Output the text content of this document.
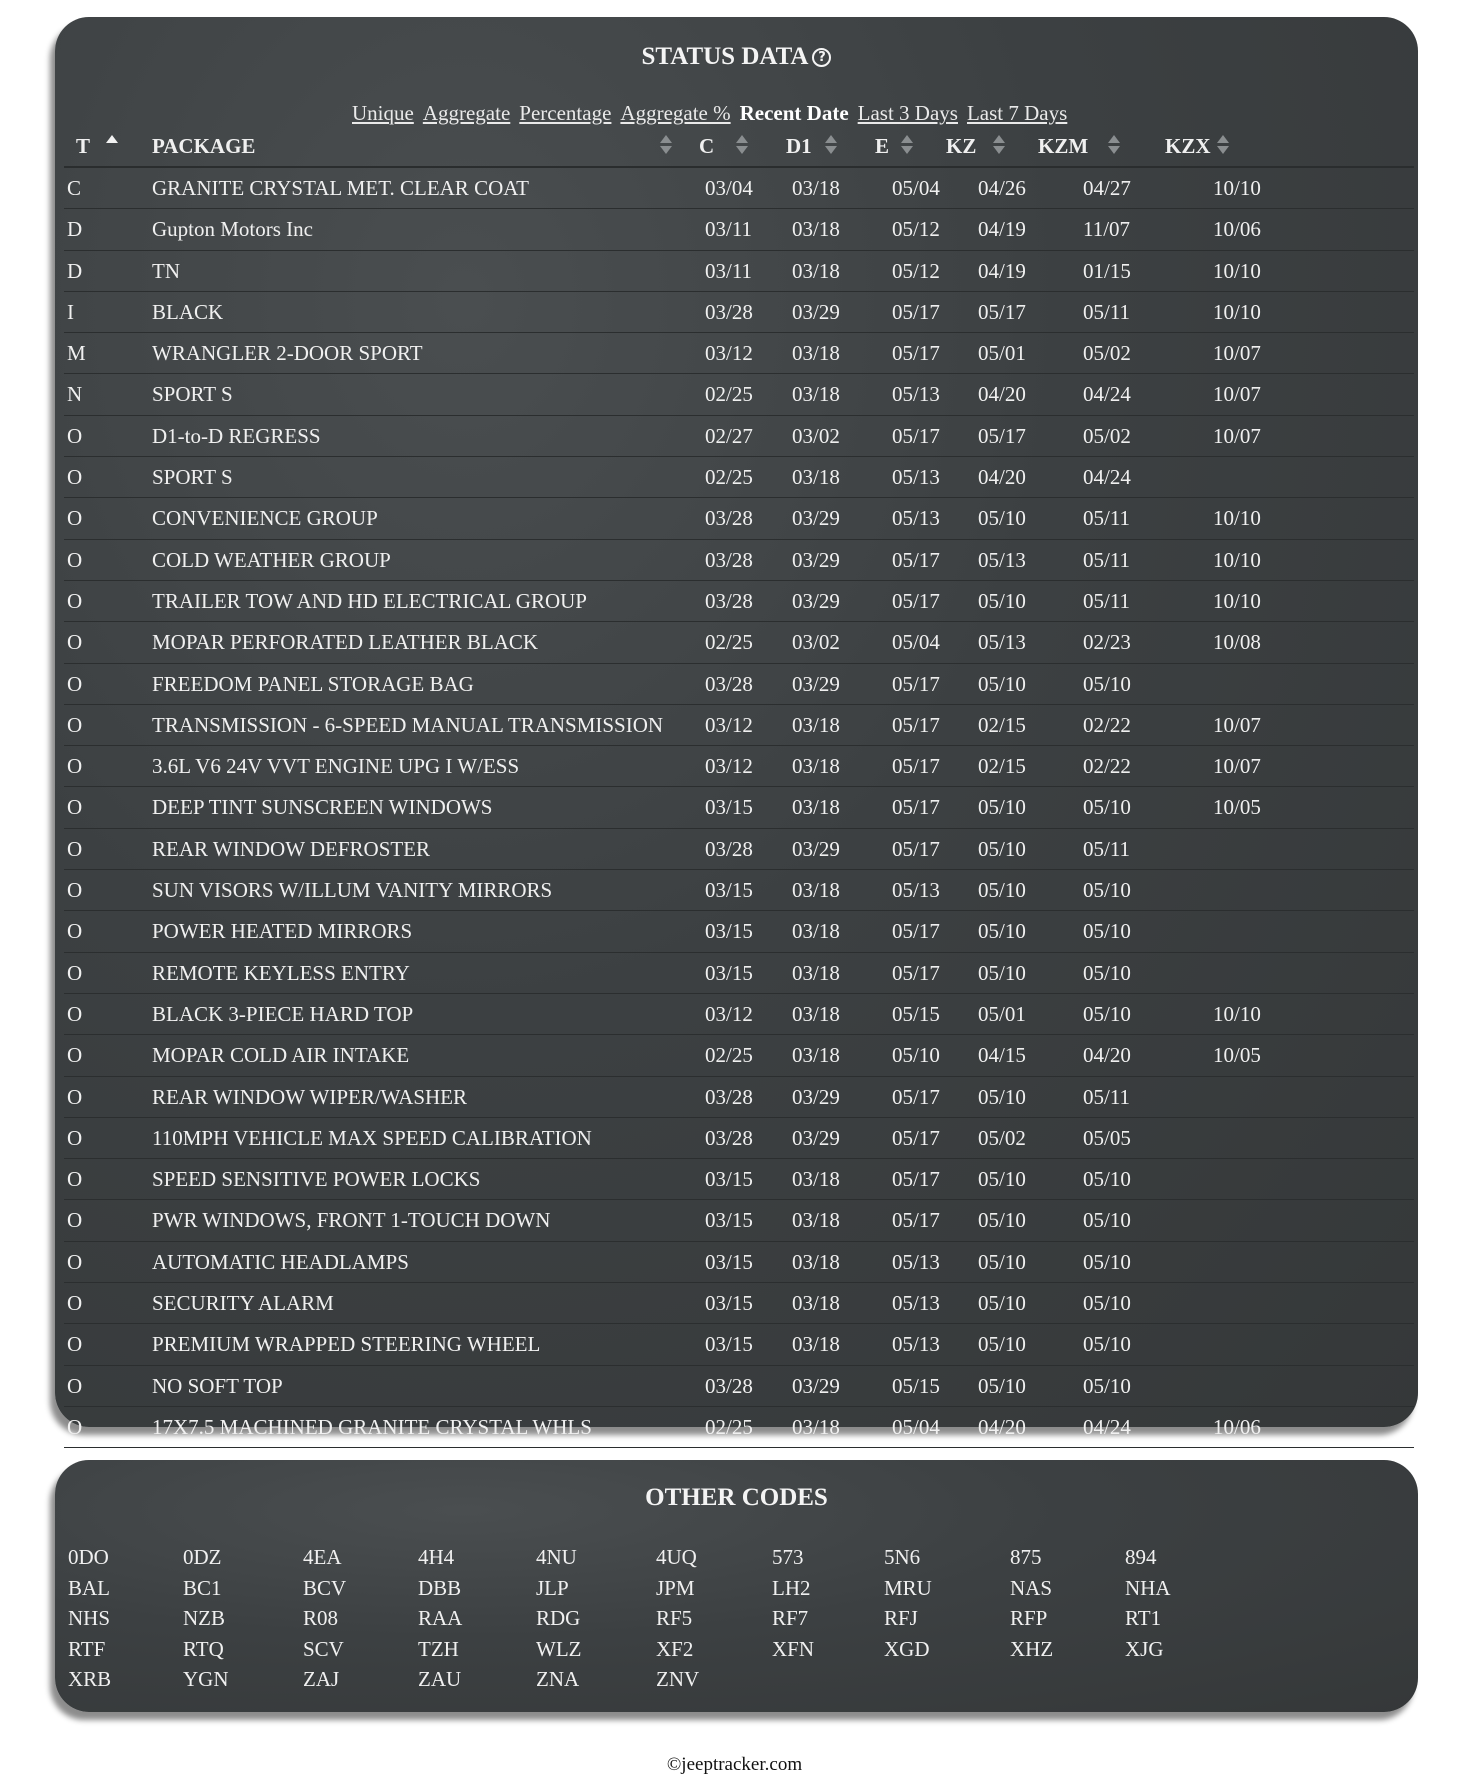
STATUS DATA ?
Unique Aggregate Percentage Aggregate % Recent Date Last 3 Days Last 7 Days
T	PACKAGE	C	D1	E	KZ	KZM	KZX
C	GRANITE CRYSTAL MET. CLEAR COAT	03/04 03/18 05/04 04/26	04/27	10/10
D	Gupton Motors Inc	03/11 03/18 05/12 04/19	11/07	10/06
D	TN	03/11 03/18 05/12 04/19	01/15	10/10
I	BLACK	03/28 03/29 05/17 05/17	05/11	10/10
M	WRANGLER 2-DOOR SPORT	03/12 03/18 05/17 05/01	05/02	10/07
N	SPORT S	02/25 03/18 05/13 04/20	04/24	10/07
O	D1-to-D REGRESS	02/27 03/02 05/17 05/17	05/02	10/07
O	SPORT S	02/25 03/18 05/13 04/20	04/24
O	CONVENIENCE GROUP	03/28 03/29 05/13 05/10	05/11	10/10
O	COLD WEATHER GROUP	03/28 03/29 05/17 05/13	05/11	10/10
O	TRAILER TOW AND HD ELECTRICAL GROUP	03/28 03/29 05/17 05/10	05/11	10/10
O	MOPAR PERFORATED LEATHER BLACK	02/25 03/02 05/04 05/13	02/23	10/08
O	FREEDOM PANEL STORAGE BAG	03/28 03/29 05/17 05/10	05/10
O	TRANSMISSION - 6-SPEED MANUAL TRANSMISSION 03/12 03/18 05/17 02/15	02/22	10/07
O	3.6L V6 24V VVT ENGINE UPG I W/ESS	03/12 03/18 05/17 02/15	02/22	10/07
O	DEEP TINT SUNSCREEN WINDOWS	03/15 03/18 05/17 05/10	05/10	10/05
O	REAR WINDOW DEFROSTER	03/28 03/29 05/17 05/10	05/11
O	SUN VISORS W/ILLUM VANITY MIRRORS	03/15 03/18 05/13 05/10	05/10
O	POWER HEATED MIRRORS	03/15 03/18 05/17 05/10	05/10
O	REMOTE KEYLESS ENTRY	03/15 03/18 05/17 05/10	05/10
O	BLACK 3-PIECE HARD TOP	03/12 03/18 05/15 05/01	05/10	10/10
O	MOPAR COLD AIR INTAKE	02/25 03/18 05/10 04/15	04/20	10/05
O	REAR WINDOW WIPER/WASHER	03/28 03/29 05/17 05/10	05/11
O	110MPH VEHICLE MAX SPEED CALIBRATION	03/28 03/29 05/17 05/02	05/05
O	SPEED SENSITIVE POWER LOCKS	03/15 03/18 05/17 05/10	05/10
O	PWR WINDOWS, FRONT 1-TOUCH DOWN	03/15 03/18 05/17 05/10	05/10
O	AUTOMATIC HEADLAMPS	03/15 03/18 05/13 05/10	05/10
O	SECURITY ALARM	03/15 03/18 05/13 05/10	05/10
O	PREMIUM WRAPPED STEERING WHEEL	03/15 03/18 05/13 05/10	05/10
O	NO SOFT TOP	03/28 03/29 05/15 05/10	05/10
O	17X7.5 MACHINED GRANITE CRYSTAL WHLS	02/25 03/18 05/04 04/20	04/24	10/06
OTHER CODES
0DO	0DZ	4EA	4H4	4NU	4UQ	573	5N6	875	894
BAL	BC1	BCV	DBB	JLP	JPM	LH2	MRU	NAS	NHA
NHS	NZB	R08	RAA	RDG	RF5	RF7	RFJ	RFP	RT1
RTF	RTQ	SCV	TZH	WLZ	XF2	XFN	XGD	XHZ	XJG
XRB	YGN	ZAJ	ZAU	ZNA	ZNV
©jeeptracker.com
